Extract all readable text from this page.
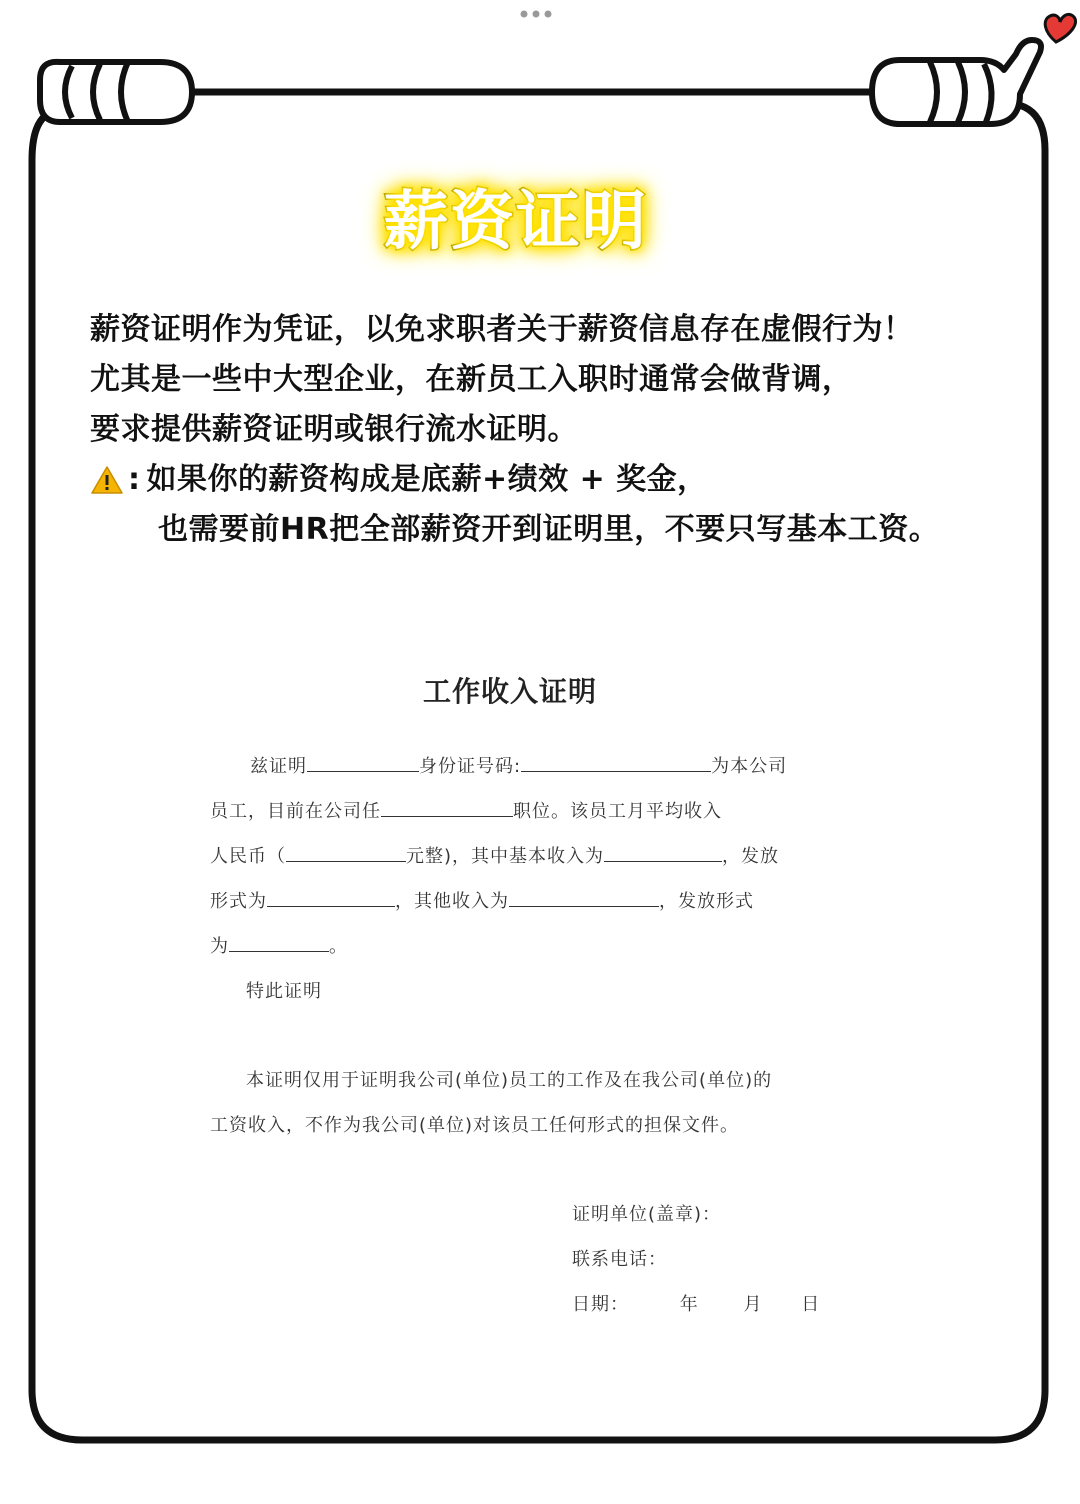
薪资证明
薪资证明作为凭证，以免求职者关于薪资信息存在虚假行为！
尤其是一些中大型企业，在新员工入职时通常会做背调，
要求提供薪资证明或银行流水证明。
: 如果你的薪资构成是底薪+绩效 + 奖金，
也需要前HR把全部薪资开到证明里，不要只写基本工资。
工作收入证明
兹证明	身份证号码:	为本公司
员工，目前在公司任	职位。该员工月平均收入
人民币（	元整)，其中基本收入为	，发放
形式为	，其他收入为	，发放形式
为	。
特此证明
本证明仅用于证明我公司(单位)员工的工作及在我公司(单位)的
工资收入，不作为我公司(单位)对该员工任何形式的担保文件。
证明单位(盖章)：
联系电话：
日期：	年 月 日
